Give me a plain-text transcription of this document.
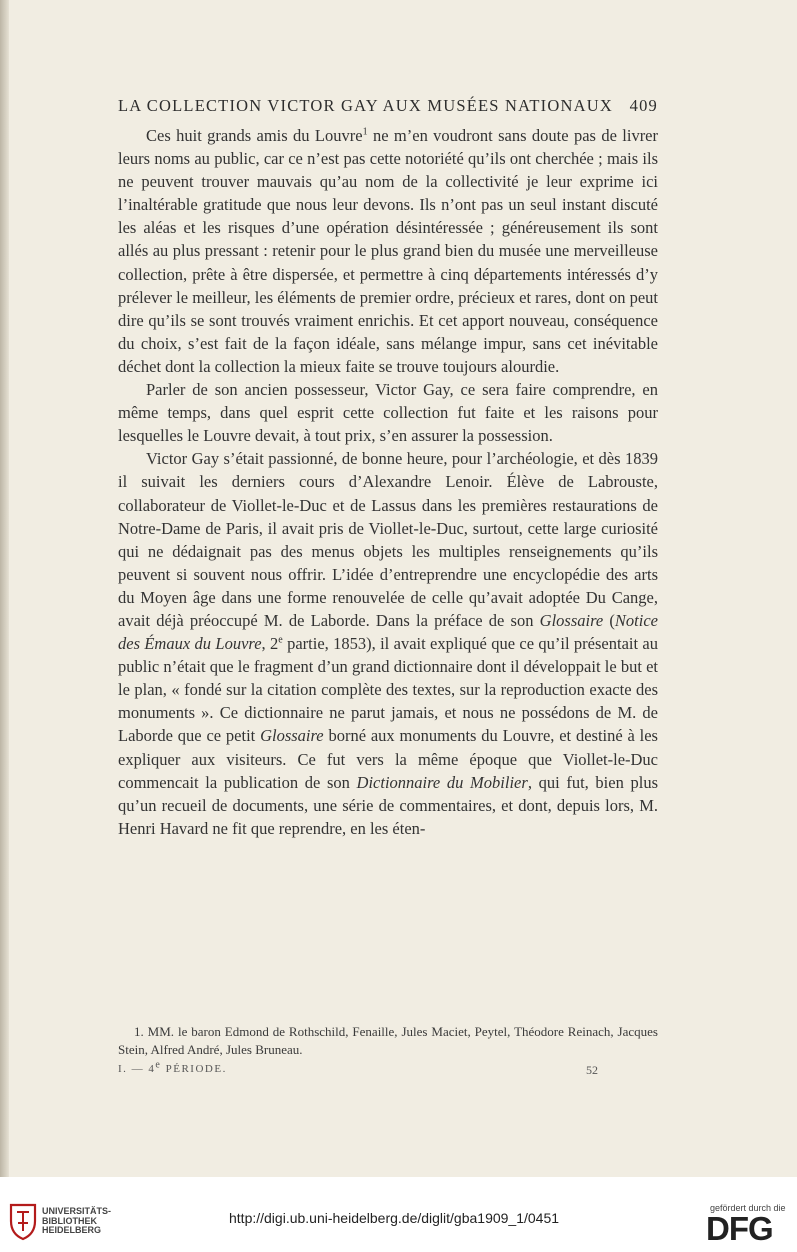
LA COLLECTION VICTOR GAY AUX MUSÉES NATIONAUX 409

Ces huit grands amis du Louvre$^1$ ne m’en voudront sans doute pas de livrer leurs noms au public, car ce n’est pas cette notoriété qu’ils ont cherchée ; mais ils ne peuvent trouver mauvais qu’au nom de la collectivité je leur exprime ici l’inaltérable gratitude que nous leur devons. Ils n’ont pas un seul instant discuté les aléas et les risques d’une opération désintéressée ; généreusement ils sont allés au plus pressant : retenir pour le plus grand bien du musée une merveilleuse collection, prête à être dispersée, et permettre à cinq départements intéressés d’y prélever le meilleur, les éléments de premier ordre, précieux et rares, dont on peut dire qu’ils se sont trouvés vraiment enrichis. Et cet apport nouveau, conséquence du choix, s’est fait de la façon idéale, sans mélange impur, sans cet inévitable déchet dont la collection la mieux faite se trouve toujours alourdie.

Parler de son ancien possesseur, Victor Gay, ce sera faire comprendre, en même temps, dans quel esprit cette collection fut faite et les raisons pour lesquelles le Louvre devait, à tout prix, s’en assurer la possession.

Victor Gay s’était passionné, de bonne heure, pour l’archéologie, et dès 1839 il suivait les derniers cours d’Alexandre Lenoir. Élève de Labrouste, collaborateur de Viollet-le-Duc et de Lassus dans les premières restaurations de Notre-Dame de Paris, il avait pris de Viollet-le-Duc, surtout, cette large curiosité qui ne dédaignait pas des menus objets les multiples renseignements qu’ils peuvent si souvent nous offrir. L’idée d’entreprendre une encyclopédie des arts du Moyen âge dans une forme renouvelée de celle qu’avait adoptée Du Cange, avait déjà préoccupé M. de Laborde. Dans la préface de son Glossaire (Notice des Émaux du Louvre, 2e partie, 1853), il avait expliqué que ce qu’il présentait au public n’était que le fragment d’un grand dictionnaire dont il développait le but et le plan, « fondé sur la citation complète des textes, sur la reproduction exacte des monuments ». Ce dictionnaire ne parut jamais, et nous ne possédons de M. de Laborde que ce petit Glossaire borné aux monuments du Louvre, et destiné à les expliquer aux visiteurs. Ce fut vers la même époque que Viollet-le-Duc commencait la publication de son Dictionnaire du Mobilier, qui fut, bien plus qu’un recueil de documents, une série de commentaires, et dont, depuis lors, M. Henri Havard ne fit que reprendre, en les éten-

1. MM. le baron Edmond de Rothschild, Fenaille, Jules Maciet, Peytel, Théodore Reinach, Jacques Stein, Alfred André, Jules Bruneau.

I. — 4e PÉRIODE.	52
UNIVERSITÄTS-
BIBLIOTHEK
HEIDELBERG
http://digi.ub.uni-heidelberg.de/diglit/gba1909_1/0451
gefördert durch die
DFG
